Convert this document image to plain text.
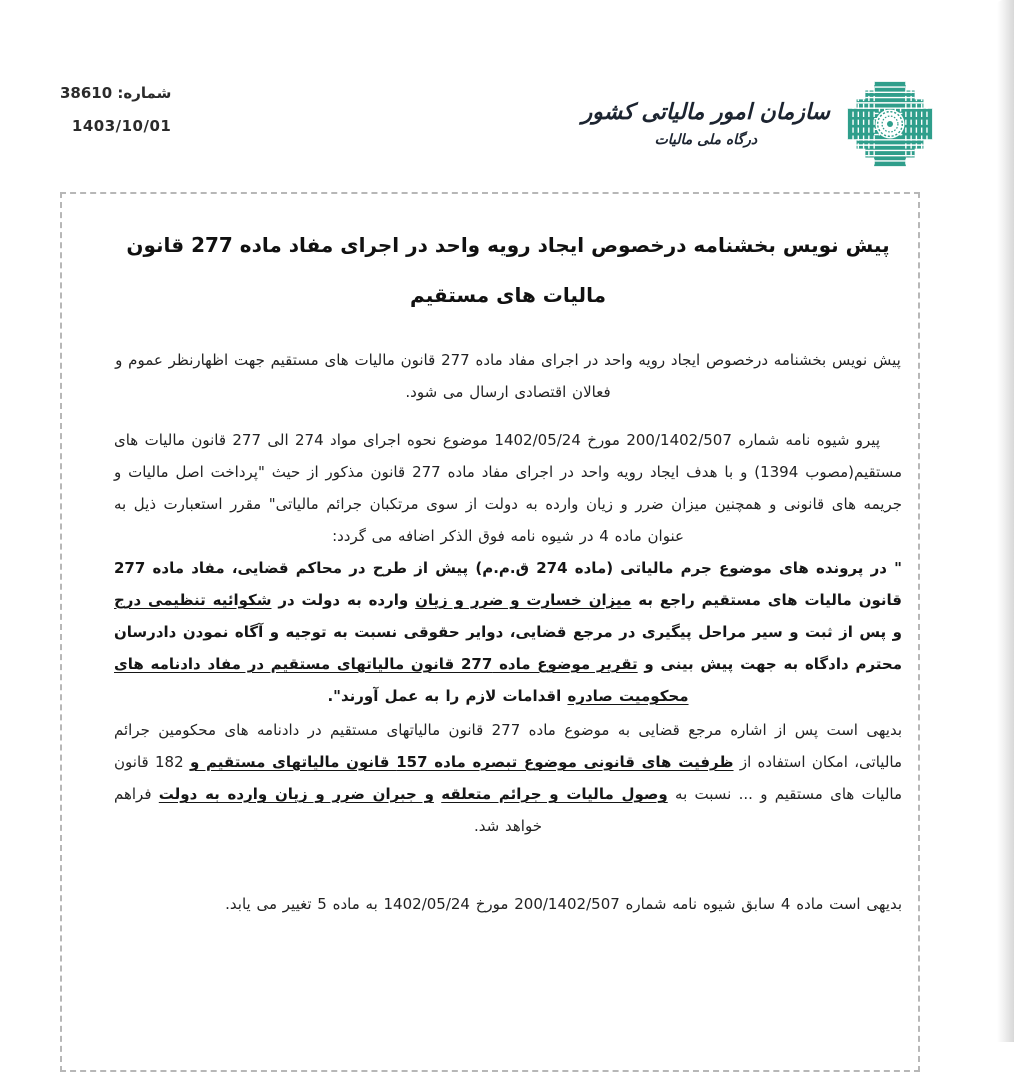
شماره: 38610
1403/10/01
سازمان امور مالیاتی کشور
درگاه ملی مالیات
پیش نویس بخشنامه درخصوص ایجاد رویه واحد در اجرای مفاد ماده 277 قانون مالیات های مستقیم

پیش نویس بخشنامه درخصوص ایجاد رویه واحد در اجرای مفاد ماده 277 قانون مالیات های مستقیم جهت اظهارنظر عموم و فعالان اقتصادی ارسال می شود.

پیرو شیوه نامه شماره 200/1402/507 مورخ 1402/05/24 موضوع نحوه اجرای مواد 274 الی 277 قانون مالیات های مستقیم(مصوب 1394) و با هدف ایجاد رویه واحد در اجرای مفاد ماده 277 قانون مذکور از حیث "پرداخت اصل مالیات و جریمه های قانونی و همچنین میزان ضرر و زیان وارده به دولت از سوی مرتکبان جرائم مالیاتی" مقرر استعبارت ذیل به عنوان ماده 4 در شیوه نامه فوق الذکر اضافه می گردد:

" در پرونده های موضوع جرم مالیاتی (ماده 274 ق.م.م) پیش از طرح در محاکم قضایی، مفاد ماده 277 قانون مالیات های مستقیم راجع به میزان خسارت و ضرر و زیان وارده به دولت در شکوائیه تنظیمی درج و پس از ثبت و سیر مراحل پیگیری در مرجع قضایی، دوایر حقوقی نسبت به توجیه و آگاه نمودن دادرسان محترم دادگاه به جهت پیش بینی و تقریر موضوع ماده 277 قانون مالیاتهای مستقیم در مفاد دادنامه های محکومیت صادره اقدامات لازم را به عمل آورند".

بدیهی است پس از اشاره مرجع قضایی به موضوع ماده 277 قانون مالیاتهای مستقیم در دادنامه های محکومین جرائم مالیاتی، امکان استفاده از ظرفیت های قانونی موضوع تبصره ماده 157 قانون مالیاتهای مستقیم و 182 قانون مالیات های مستقیم و ... نسبت به وصول مالیات و جرائم متعلقه و جبران ضرر و زیان وارده به دولت فراهم خواهد شد.

بدیهی است ماده 4 سابق شیوه نامه شماره 200/1402/507 مورخ 1402/05/24 به ماده 5 تغییر می یابد.
